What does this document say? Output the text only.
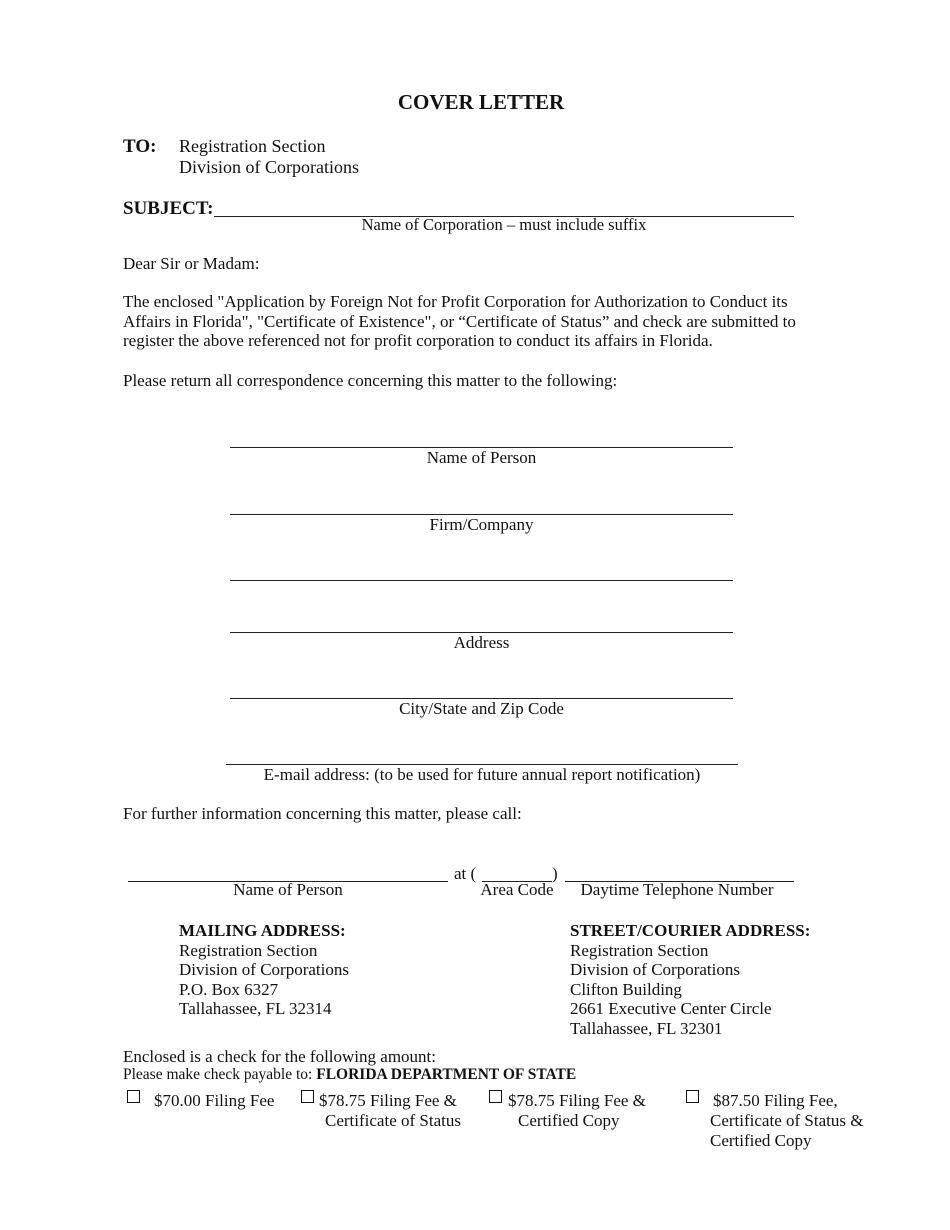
COVER LETTER
TO: Registration Section
Division of Corporations
SUBJECT:
Name of Corporation – must include suffix
Dear Sir or Madam:
The enclosed "Application by Foreign Not for Profit Corporation for Authorization to Conduct its Affairs in Florida", "Certificate of Existence", or “Certificate of Status” and check are submitted to register the above referenced not for profit corporation to conduct its affairs in Florida.
Please return all correspondence concerning this matter to the following:
Name of Person
Firm/Company
Address
City/State and Zip Code
E-mail address: (to be used for future annual report notification)
For further information concerning this matter, please call:
at (	)
Name of Person	Area Code	Daytime Telephone Number
MAILING ADDRESS:
Registration Section
Division of Corporations
P.O. Box 6327
Tallahassee, FL 32314
STREET/COURIER ADDRESS:
Registration Section
Division of Corporations
Clifton Building
2661 Executive Center Circle
Tallahassee, FL 32301
Enclosed is a check for the following amount:
Please make check payable to: FLORIDA DEPARTMENT OF STATE
$70.00 Filing Fee	$78.75 Filing Fee &
Certificate of Status
$78.75 Filing Fee &
Certified Copy
$87.50 Filing Fee,
Certificate of Status &
Certified Copy
